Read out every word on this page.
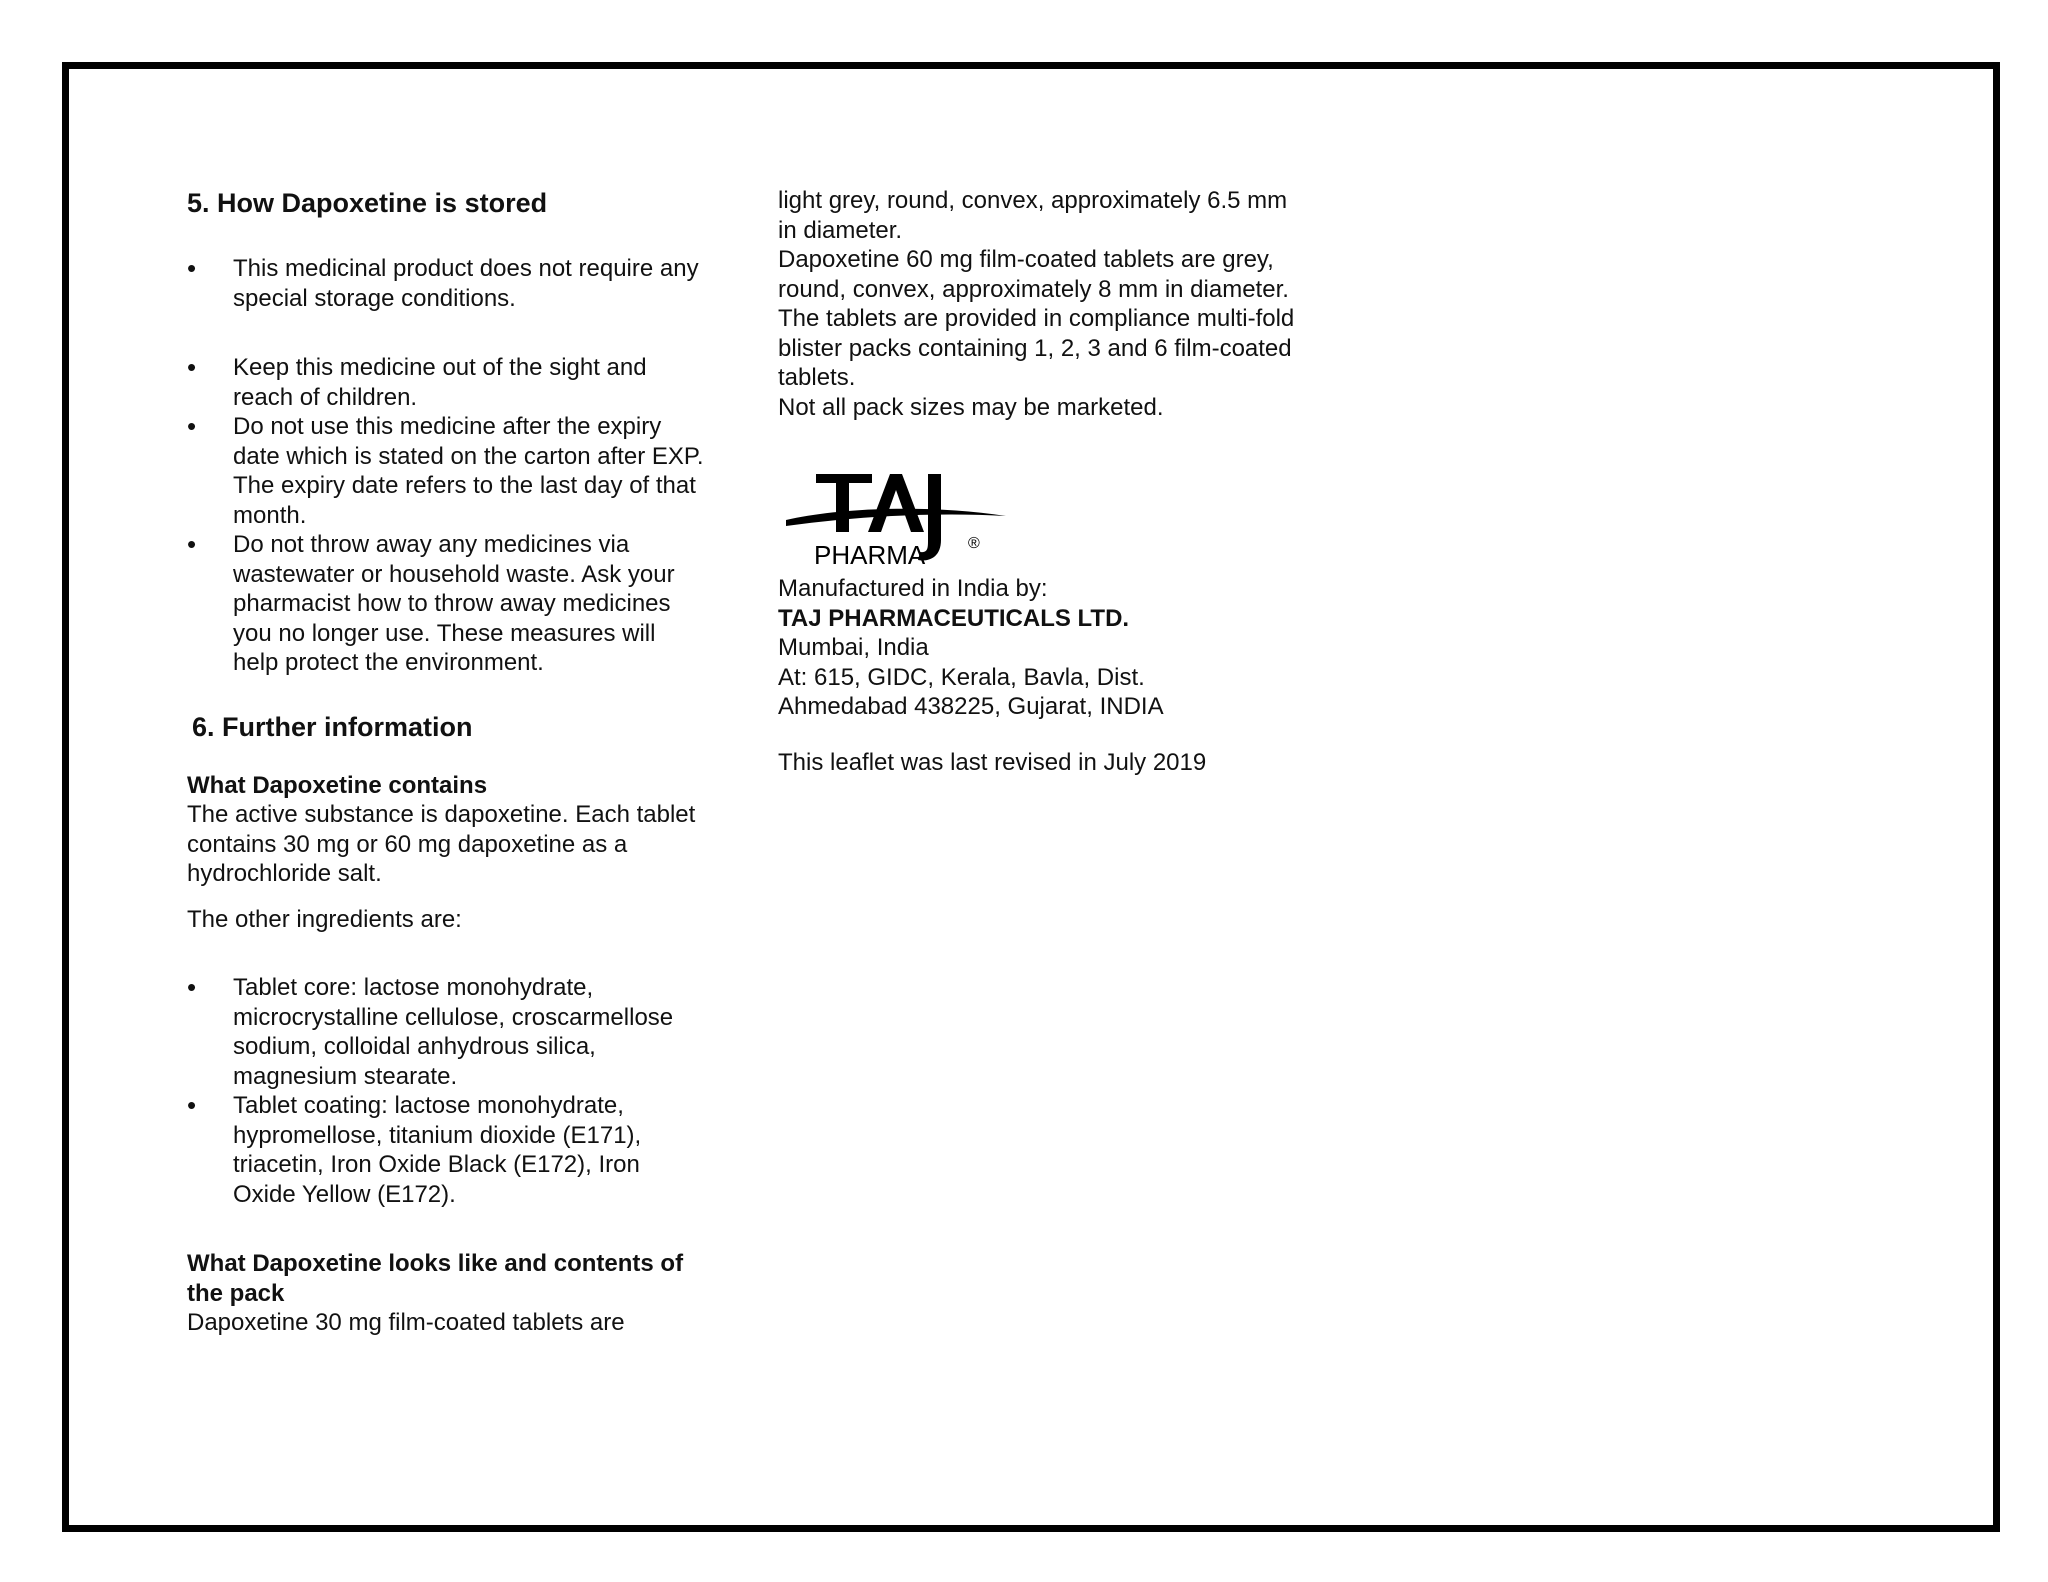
5. How Dapoxetine is stored
• This medicinal product does not require any special storage conditions.
• Keep this medicine out of the sight and reach of children.
• Do not use this medicine after the expiry date which is stated on the carton after EXP. The expiry date refers to the last day of that month.
• Do not throw away any medicines via wastewater or household waste. Ask your pharmacist how to throw away medicines you no longer use. These measures will help protect the environment.
6. Further information

What Dapoxetine contains

The active substance is dapoxetine. Each tablet contains 30 mg or 60 mg dapoxetine as a hydrochloride salt.

The other ingredients are:

• Tablet core: lactose monohydrate, microcrystalline cellulose, croscarmellose sodium, colloidal anhydrous silica, magnesium stearate.
• Tablet coating: lactose monohydrate, hypromellose, titanium dioxide (E171), triacetin, Iron Oxide Black (E172), Iron Oxide Yellow (E172).

What Dapoxetine looks like and contents of the pack

Dapoxetine 30 mg film-coated tablets are

light grey, round, convex, approximately 6.5 mm in diameter.

Dapoxetine 60 mg film-coated tablets are grey, round, convex, approximately 8 mm in diameter.

The tablets are provided in compliance multi-fold blister packs containing 1, 2, 3 and 6 film-coated tablets.

Not all pack sizes may be marketed.

PHARMA	®

Manufactured in India by:

TAJ PHARMACEUTICALS LTD.

Mumbai, India

At: 615, GIDC, Kerala, Bavla, Dist.

Ahmedabad 438225, Gujarat, INDIA

This leaflet was last revised in July 2019
